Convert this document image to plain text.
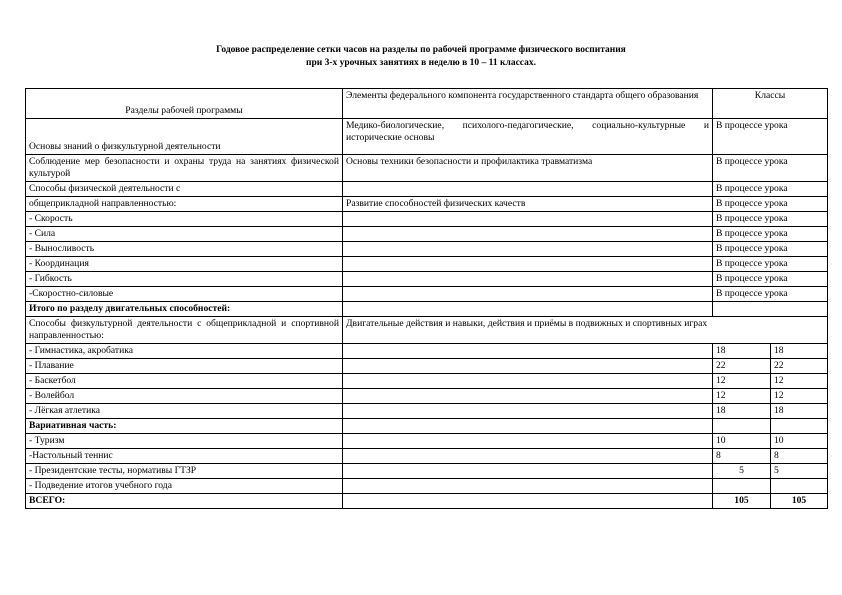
Годовое распределение сетки часов на разделы по рабочей программе физического воспитания
при 3-х урочных занятиях в неделю в 10 – 11 классах.
Разделы рабочей программы	Элементы федерального компонента государственного стандарта общего образования	Классы	
Основы знаний о физкультурной деятельности	Медико-биологические, психолого-педагогические, социально-культурные и исторические основы	В процессе урока	
Соблюдение мер безопасности и охраны труда на занятиях физической культурой	Основы техники безопасности и профилактика травматизма	В процессе урока	
Способы физической деятельности с		В процессе урока	
общеприкладной направленностью:	Развитие способностей физических качеств	В процессе урока	
- Скорость		В процессе урока	
- Сила		В процессе урока	
- Выносливость		В процессе урока	
- Координация		В процессе урока	
- Гибкость		В процессе урока	
-Скоростно-силовые		В процессе урока	
Итого по разделу двигательных способностей:			
Способы физкультурной деятельности с общеприкладной и спортивной направленностью:	Двигательные действия и навыки, действия и приёмы в подвижных и спортивных играх		
- Гимнастика, акробатика		18	18
- Плавание		22	22
- Баскетбол		12	12
- Волейбол		12	12
- Лёгкая атлетика		18	18
Вариативная часть:			
- Туризм		10	10
-Настольный теннис		8	8
- Президентские тесты, нормативы ГТЗР		5	5
- Подведение итогов учебного года			
ВСЕГО:		105	105
